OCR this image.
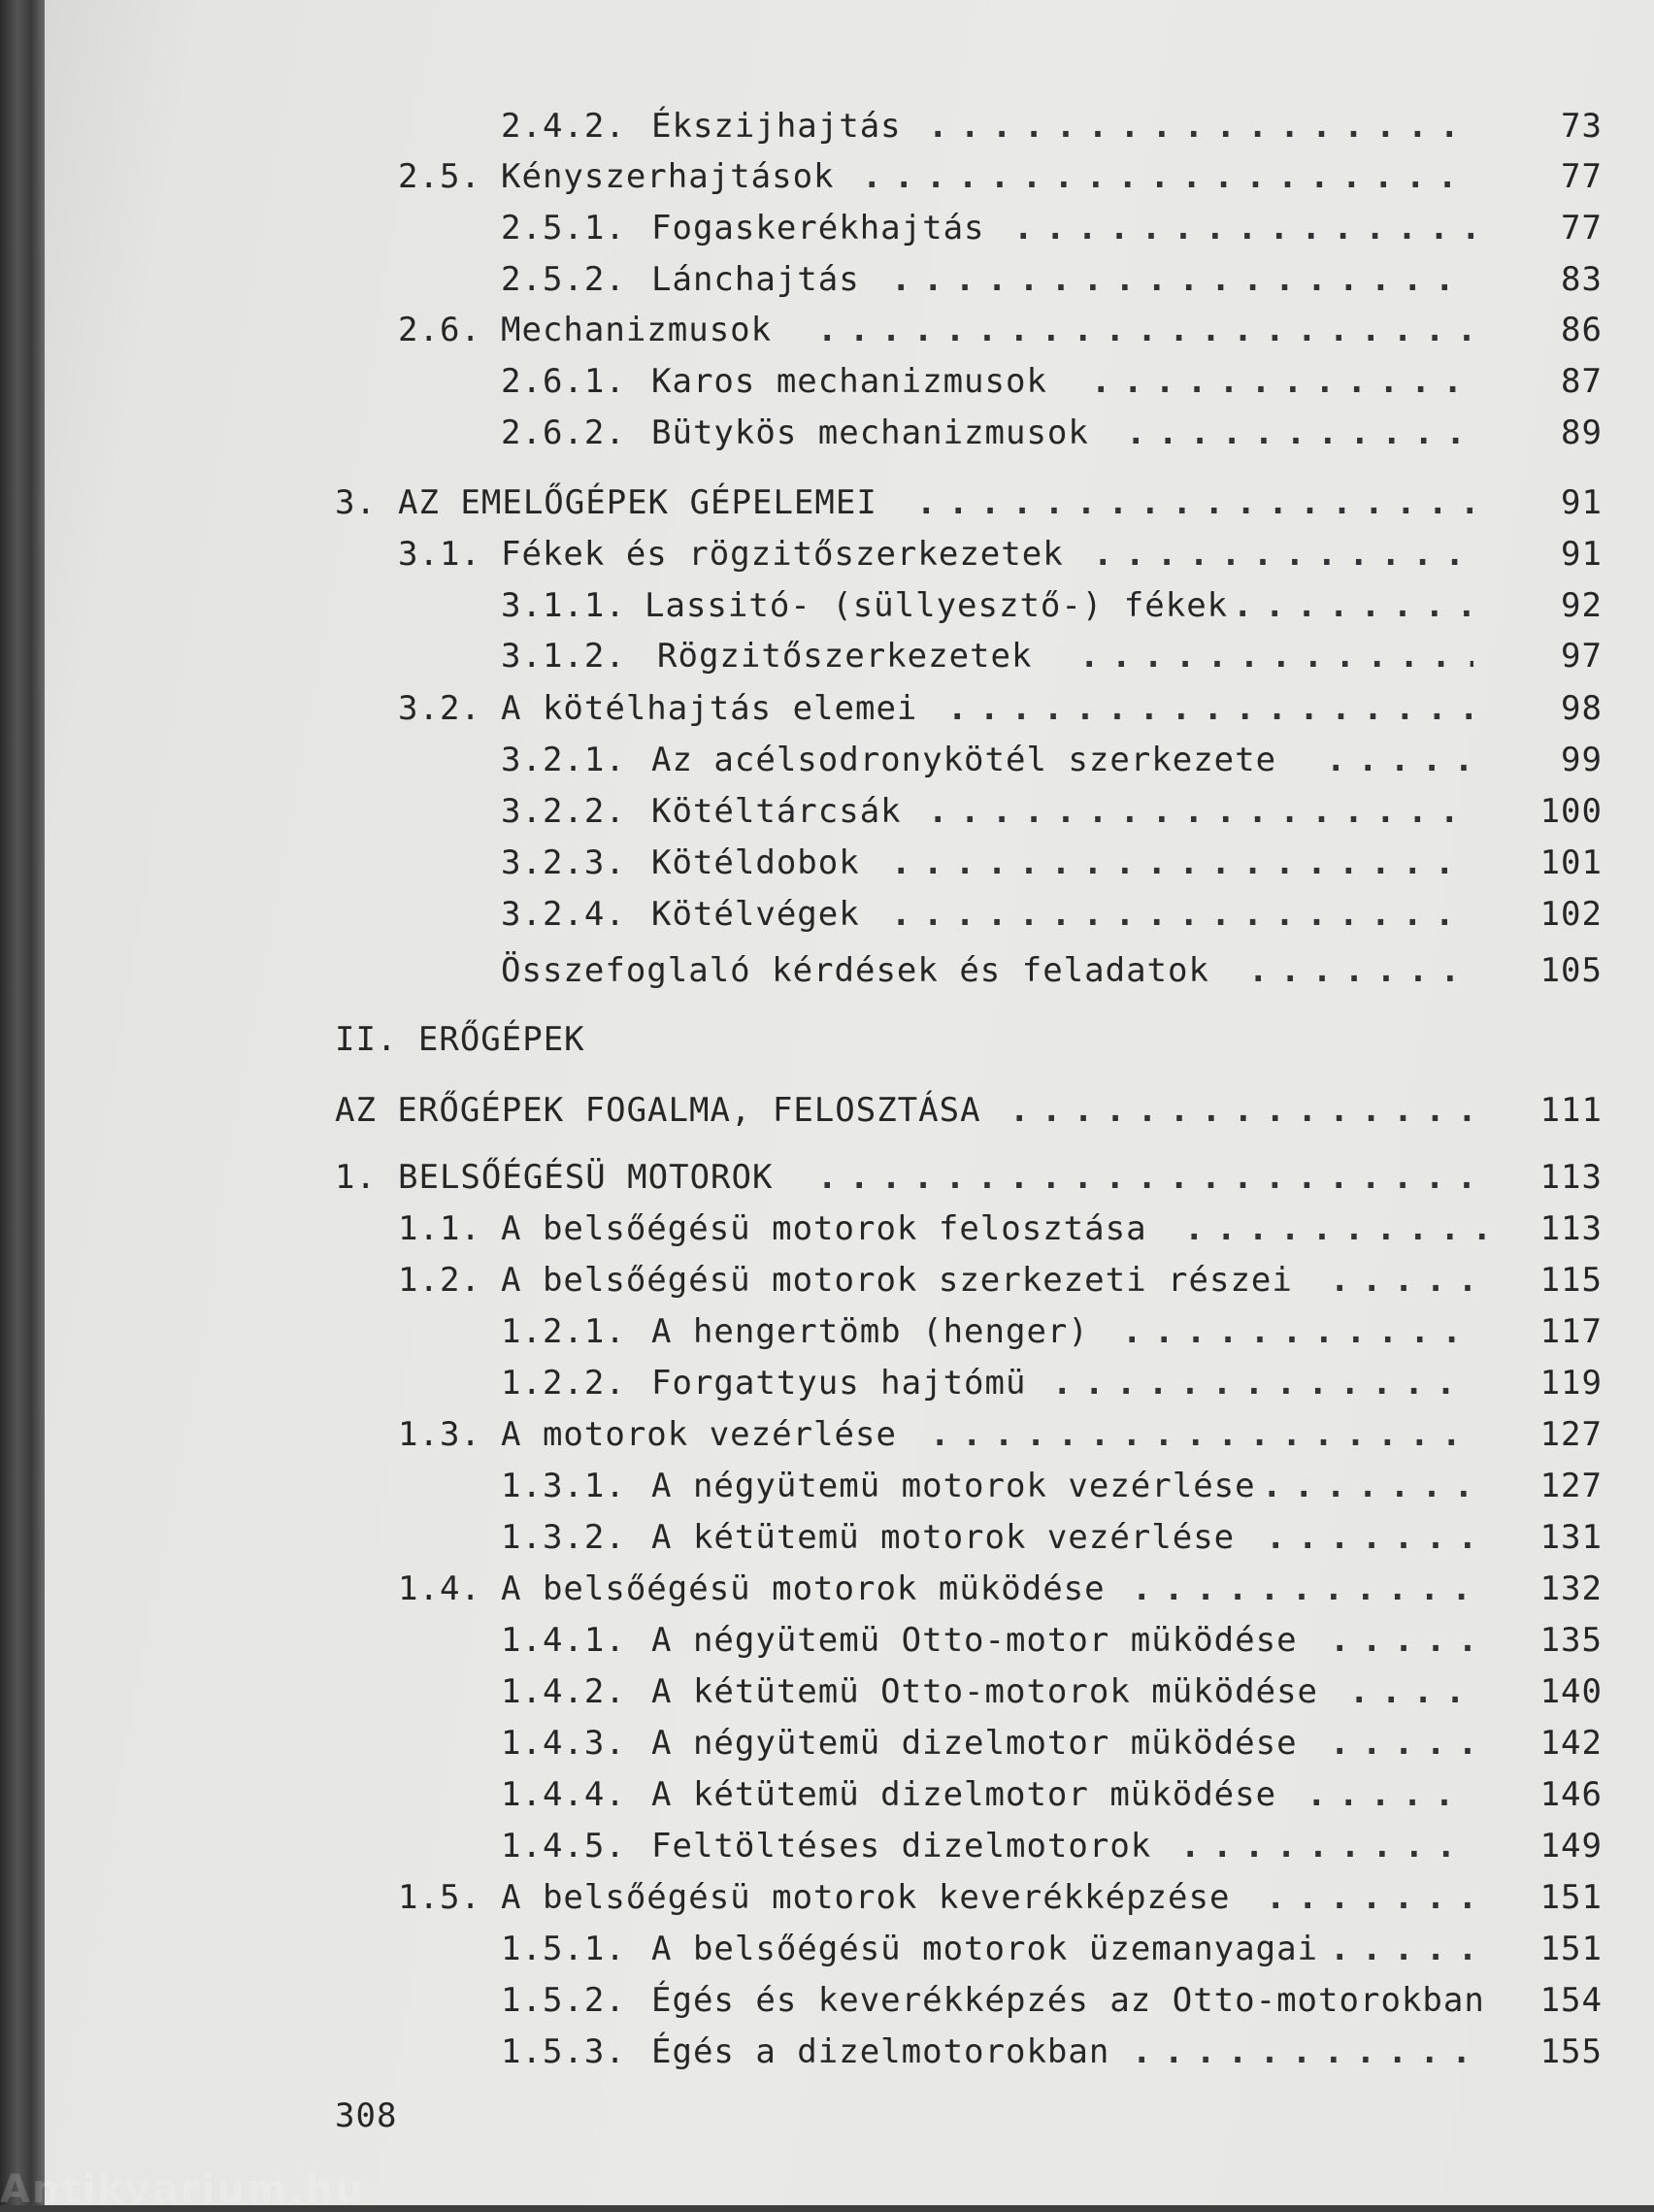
2.4.2. Ékszijhajtás . . .	73
2.5. Kényszerhajtások . . .	77
2.5.1. Fogaskerékhajtás . . .	77
2.5.2. Lánchajtás . . .	83
2.6. Mechanizmusok . . .	86
2.6.1. Karos mechanizmusok . . .	87
2.6.2. Bütykös mechanizmusok . . .	89
3. AZ EMELŐGÉPEK GÉPELEMEI . . .	91
3.1. Fékek és rögzitőszerkezetek . . .	91
3.1.1. Lassitó- (süllyesztő-) fékek . . .	92
3.1.2. Rögzitőszerkezetek . . .	97
3.2. A kötélhajtás elemei . . .	98
3.2.1. Az acélsodronykötél szerkezete . . .	99
3.2.2. Kötéltárcsák . . .	100
3.2.3. Kötéldobok . . .	101
3.2.4. Kötélvégek . . .	102
Összefoglaló kérdések és feladatok . . .	105
II. ERŐGÉPEK
AZ ERŐGÉPEK FOGALMA, FELOSZTÁSA . . .	111
1. BELSŐÉGÉSÜ MOTOROK . . .	113
1.1. A belsőégésü motorok felosztása . . .	113
1.2. A belsőégésü motorok szerkezeti részei . . .	115
1.2.1. A hengertömb (henger) . . .	117
1.2.2. Forgattyus hajtómü . . .	119
1.3. A motorok vezérlése . . .	127
1.3.1. A négyütemü motorok vezérlése . . .	127
1.3.2. A kétütemü motorok vezérlése . . .	131
1.4. A belsőégésü motorok müködése . . .	132
1.4.1. A négyütemü Otto-motor müködése . . .	135
1.4.2. A kétütemü Otto-motorok müködése . . .	140
1.4.3. A négyütemü dizelmotor müködése . . .	142
1.4.4. A kétütemü dizelmotor müködése . . .	146
1.4.5. Feltöltéses dizelmotorok . . .	149
1.5. A belsőégésü motorok keverékképzése . . .	151
1.5.1. A belsőégésü motorok üzemanyagai . . .	151
1.5.2. Égés és keverékképzés az Otto-motorokban	154
1.5.3. Égés a dizelmotorokban . . .	155
308
Antikvarium.hu
